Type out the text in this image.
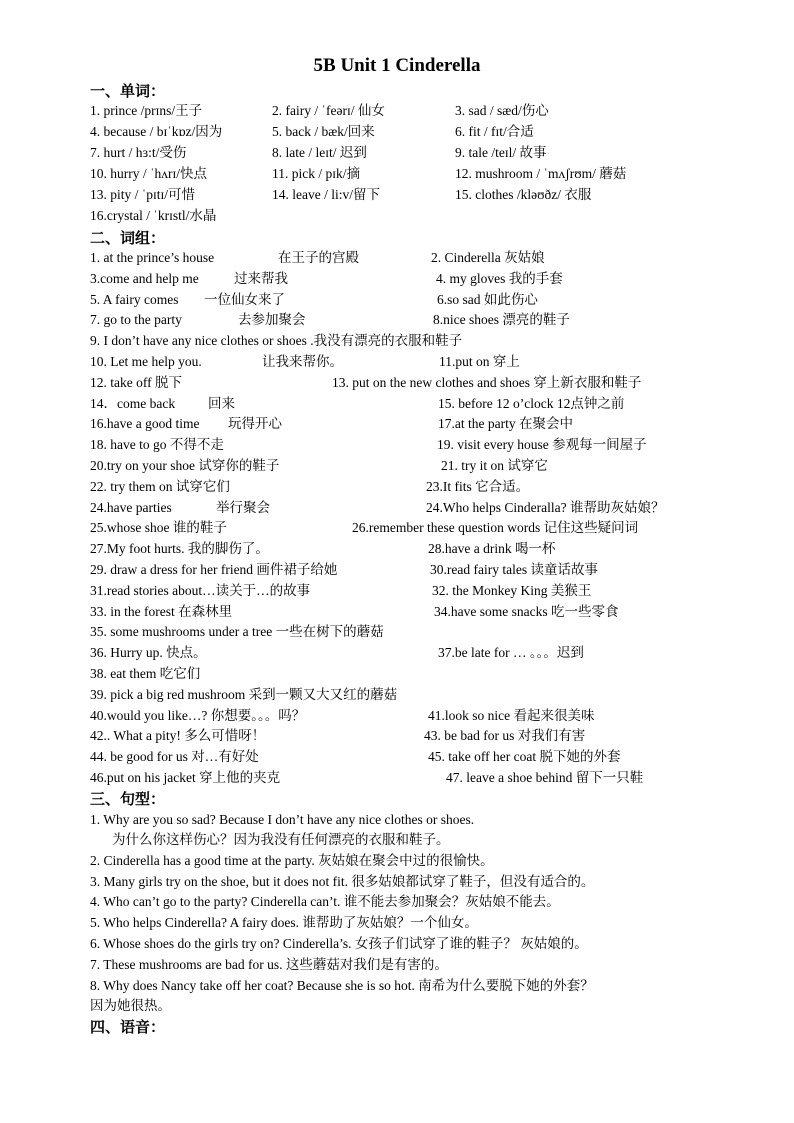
5B Unit 1 Cinderella
一、单词：
1. prince /prɪns/王子	2. fairy / ˈfeərɪ/ 仙女	3. sad / sæd/伤心
4. because / bɪˈkɒz/因为	5. back / bæk/回来	6. fit / fɪt/合适
7. hurt / hɜ:t/受伤	8. late / leɪt/ 迟到	9. tale /teɪl/ 故事
10. hurry / ˈhʌrɪ/快点	11. pick / pɪk/摘	12. mushroom / ˈmʌʃrʊm/ 蘑菇
13. pity / ˈpɪtɪ/可惜	14. leave / li:v/留下	15. clothes /kləʊðz/ 衣服
16.crystal / ˈkrɪstl/水晶
二、词组：
1. at the prince’s house	在王子的宫殿	2. Cinderella 灰姑娘
3.come and help me	过来帮我	4. my gloves 我的手套
5. A fairy comes 一位仙女来了	6.so sad 如此伤心
7. go to the party	去参加聚会	8.nice shoes 漂亮的鞋子
9. I don’t have any nice clothes or shoes .我没有漂亮的衣服和鞋子
10. Let me help you.	让我来帮你。	11.put on 穿上
12. take off 脱下	13. put on the new clothes and shoes 穿上新衣服和鞋子
14．come back 回来	15. before 12 o’clock 12点钟之前
16.have a good time 玩得开心	17.at the party 在聚会中
18. have to go 不得不走	19. visit every house 参观每一间屋子
20.try on your shoe 试穿你的鞋子	21. try it on 试穿它
22. try them on 试穿它们	23.It fits 它合适。
24.have parties	举行聚会	24.Who helps Cinderalla? 谁帮助灰姑娘？
25.whose shoe 谁的鞋子	26.remember these question words 记住这些疑问词
27.My foot hurts. 我的脚伤了。	28.have a drink 喝一杯
29. draw a dress for her friend 画件裙子给她	30.read fairy tales 读童话故事
31.read stories about…读关于…的故事	32. the Monkey King 美猴王
33. in the forest 在森林里	34.have some snacks 吃一些零食
35. some mushrooms under a tree 一些在树下的蘑菇
36. Hurry up. 快点。	37.be late for … 。。。迟到
38. eat them 吃它们
39. pick a big red mushroom 采到一颗又大又红的蘑菇
40.would you like…? 你想要。。。吗？	41.look so nice 看起来很美味
42.. What a pity! 多么可惜呀！	43. be bad for us 对我们有害
44. be good for us 对…有好处	45. take off her coat 脱下她的外套
46.put on his jacket 穿上他的夹克	47. leave a shoe behind 留下一只鞋
三、句型：
1. Why are you so sad? Because I don’t have any nice clothes or shoes.
为什么你这样伤心？因为我没有任何漂亮的衣服和鞋子。
2. Cinderella has a good time at the party. 灰姑娘在聚会中过的很愉快。
3. Many girls try on the shoe, but it does not fit. 很多姑娘都试穿了鞋子，但没有适合的。
4. Who can’t go to the party? Cinderella can’t. 谁不能去参加聚会？灰姑娘不能去。
5. Who helps Cinderella? A fairy does. 谁帮助了灰姑娘？一个仙女。
6. Whose shoes do the girls try on? Cinderella’s. 女孩子们试穿了谁的鞋子？ 灰姑娘的。
7. These mushrooms are bad for us. 这些蘑菇对我们是有害的。
8. Why does Nancy take off her coat? Because she is so hot. 南希为什么要脱下她的外套？
因为她很热。
四、语音：
